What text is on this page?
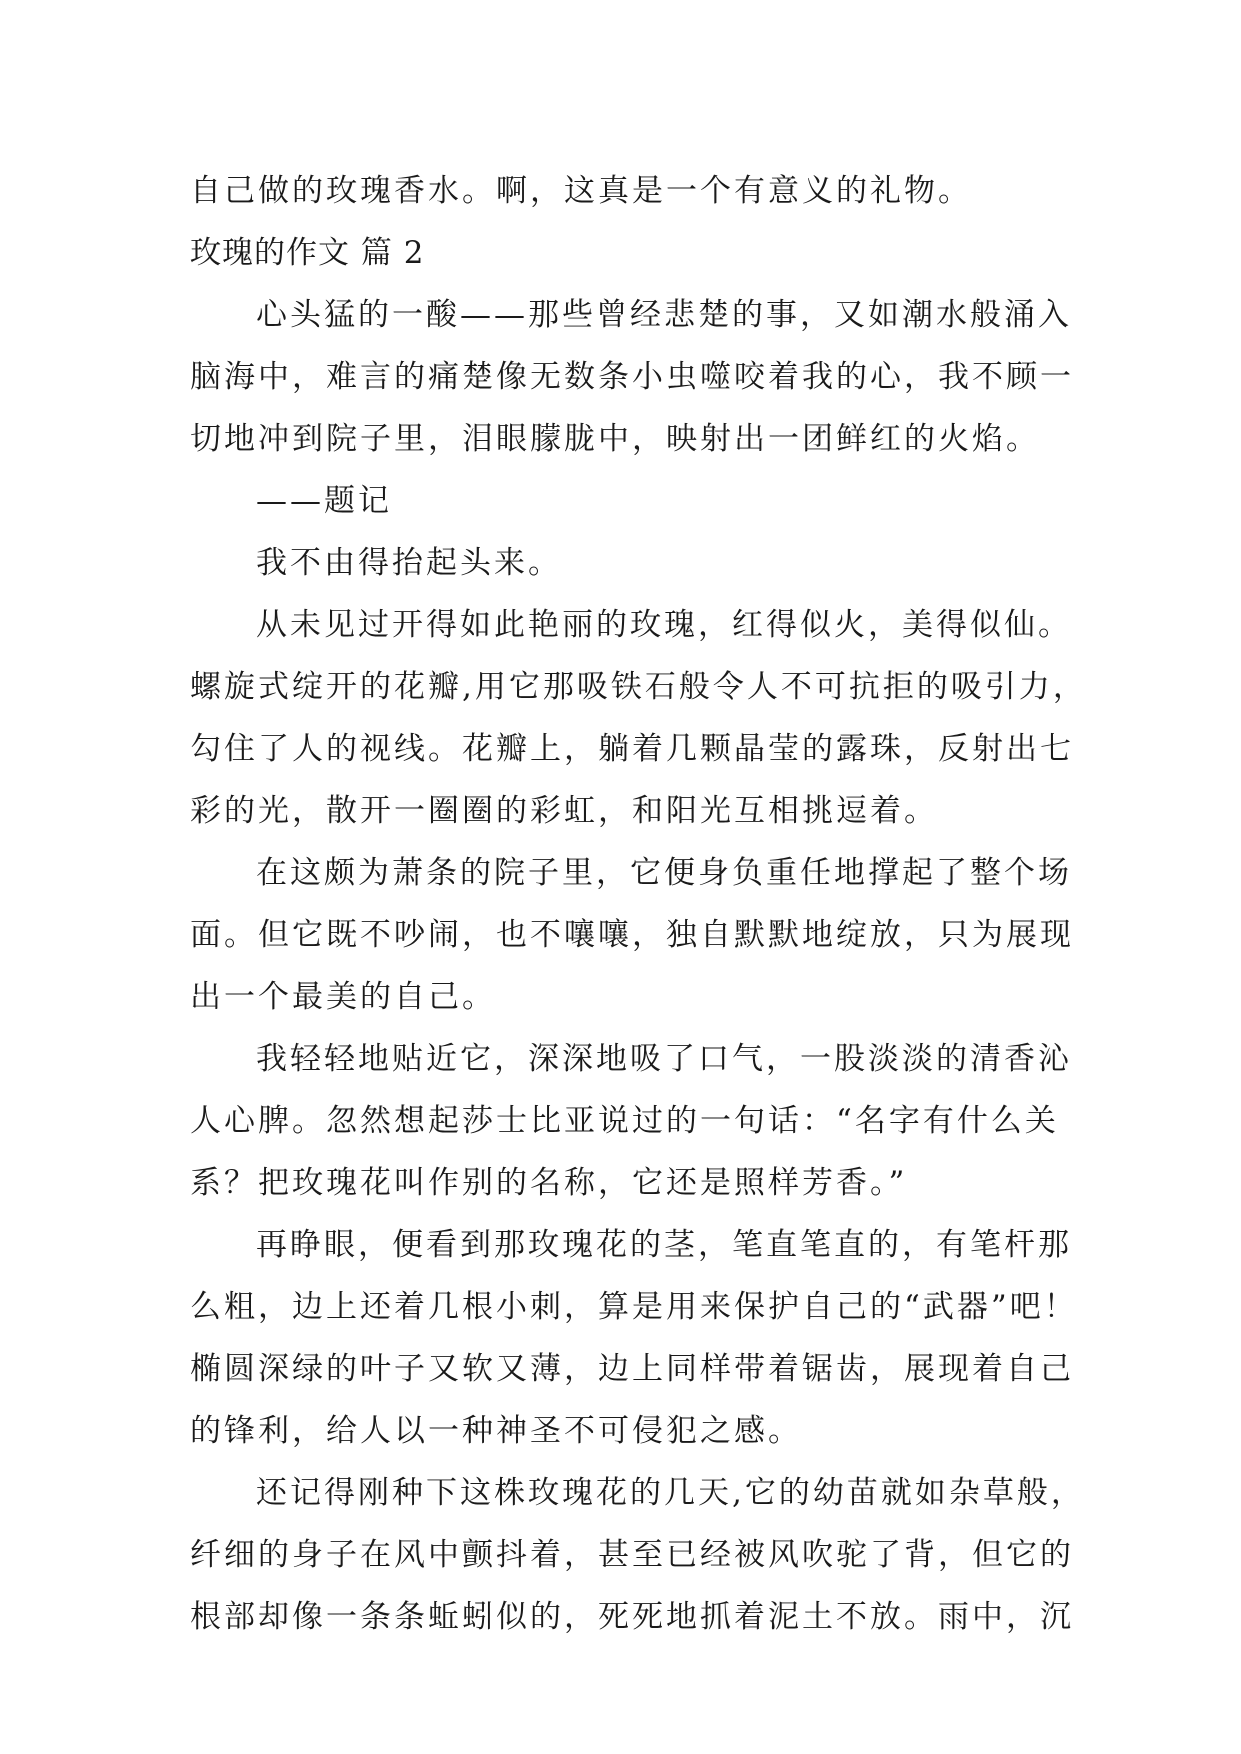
自己做的玫瑰香水。啊，这真是一个有意义的礼物。
玫瑰的作文 篇 2
心头猛的一酸——那些曾经悲楚的事，又如潮水般涌入
脑海中，难言的痛楚像无数条小虫噬咬着我的心，我不顾一
切地冲到院子里，泪眼朦胧中，映射出一团鲜红的火焰。
——题记
我不由得抬起头来。
从未见过开得如此艳丽的玫瑰，红得似火，美得似仙。
螺旋式绽开的花瓣,用它那吸铁石般令人不可抗拒的吸引力，
勾住了人的视线。花瓣上，躺着几颗晶莹的露珠，反射出七
彩的光，散开一圈圈的彩虹，和阳光互相挑逗着。
在这颇为萧条的院子里，它便身负重任地撑起了整个场
面。但它既不吵闹，也不嚷嚷，独自默默地绽放，只为展现
出一个最美的自己。
我轻轻地贴近它，深深地吸了口气，一股淡淡的清香沁
人心脾。忽然想起莎士比亚说过的一句话：“名字有什么关
系？把玫瑰花叫作别的名称，它还是照样芳香。”
再睁眼，便看到那玫瑰花的茎，笔直笔直的，有笔杆那
么粗，边上还着几根小刺，算是用来保护自己的“武器”吧！
椭圆深绿的叶子又软又薄，边上同样带着锯齿，展现着自己
的锋利，给人以一种神圣不可侵犯之感。
还记得刚种下这株玫瑰花的几天,它的幼苗就如杂草般，
纤细的身子在风中颤抖着，甚至已经被风吹驼了背，但它的
根部却像一条条蚯蚓似的，死死地抓着泥土不放。雨中，沉
